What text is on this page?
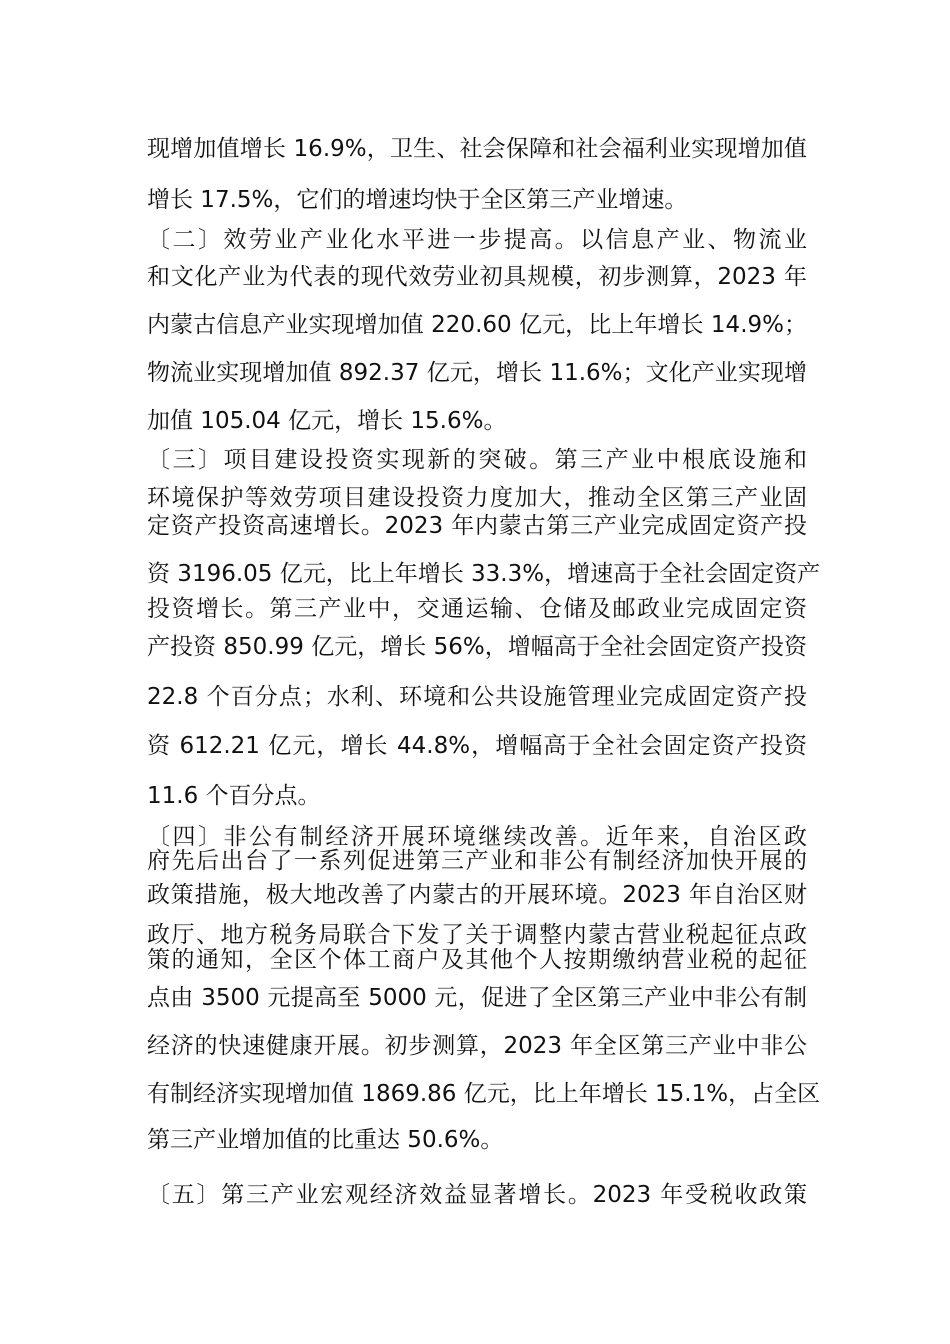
现增加值增长 16.9%，卫生、社会保障和社会福利业实现增加值
增长 17.5%，它们的增速均快于全区第三产业增速。
〔二〕效劳业产业化水平进一步提高。以信息产业、物流业
和文化产业为代表的现代效劳业初具规模，初步测算，2023 年
内蒙古信息产业实现增加值 220.60 亿元，比上年增长 14.9%；
物流业实现增加值 892.37 亿元，增长 11.6%；文化产业实现增
加值 105.04 亿元，增长 15.6%。
〔三〕项目建设投资实现新的突破。第三产业中根底设施和
环境保护等效劳项目建设投资力度加大，推动全区第三产业固
定资产投资高速增长。2023 年内蒙古第三产业完成固定资产投
资 3196.05 亿元，比上年增长 33.3%，增速高于全社会固定资产
投资增长。第三产业中，交通运输、仓储及邮政业完成固定资
产投资 850.99 亿元，增长 56%，增幅高于全社会固定资产投资
22.8 个百分点；水利、环境和公共设施管理业完成固定资产投
资 612.21 亿元，增长 44.8%，增幅高于全社会固定资产投资
11.6 个百分点。
〔四〕非公有制经济开展环境继续改善。近年来，自治区政
府先后出台了一系列促进第三产业和非公有制经济加快开展的
政策措施，极大地改善了内蒙古的开展环境。2023 年自治区财
政厅、地方税务局联合下发了关于调整内蒙古营业税起征点政
策的通知，全区个体工商户及其他个人按期缴纳营业税的起征
点由 3500 元提高至 5000 元，促进了全区第三产业中非公有制
经济的快速健康开展。初步测算，2023 年全区第三产业中非公
有制经济实现增加值 1869.86 亿元，比上年增长 15.1%，占全区
第三产业增加值的比重达 50.6%。
〔五〕第三产业宏观经济效益显著增长。2023 年受税收政策
